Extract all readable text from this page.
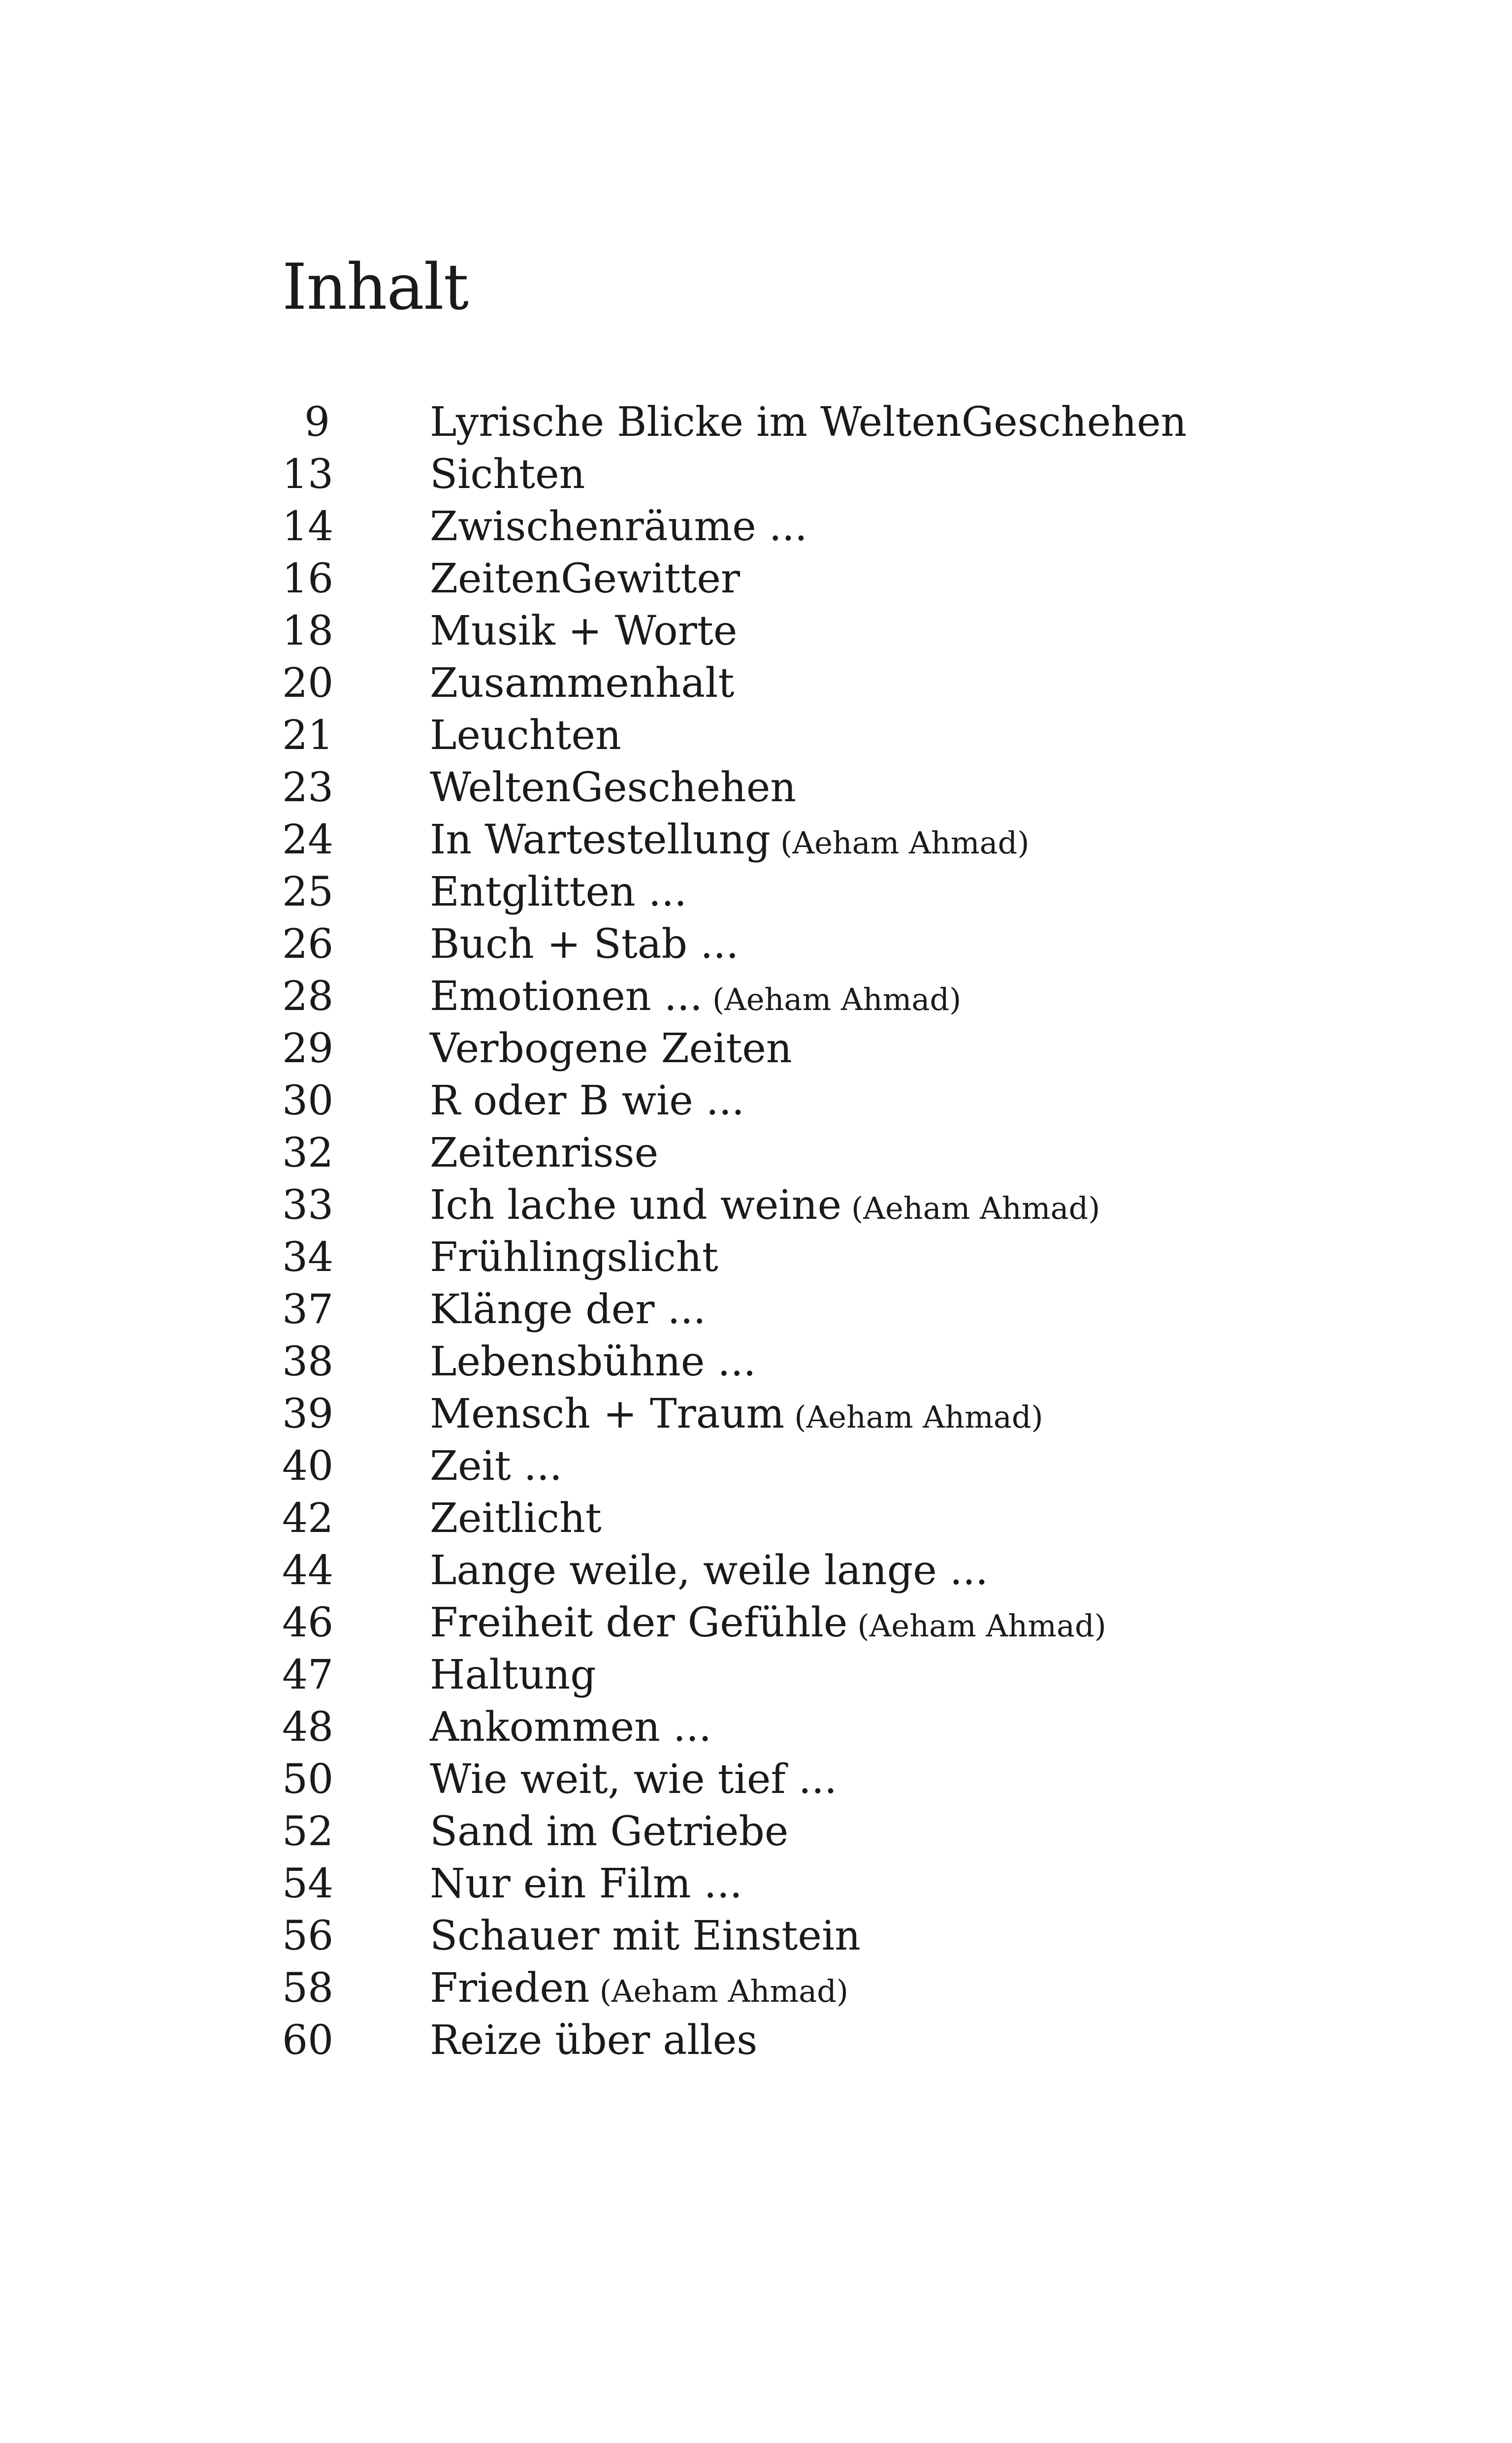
Inhalt
9	Lyrische Blicke im WeltenGeschehen
13	Sichten
14	Zwischenräume ...
16	ZeitenGewitter
18	Musik + Worte
20	Zusammenhalt
21	Leuchten
23	WeltenGeschehen
24	In Wartestellung (Aeham Ahmad)
25	Entglitten ...
26	Buch + Stab ...
28	Emotionen ... (Aeham Ahmad)
29	Verbogene Zeiten
30	R oder B wie ...
32	Zeitenrisse
33	Ich lache und weine (Aeham Ahmad)
34	Frühlingslicht
37	Klänge der ...
38	Lebensbühne ...
39	Mensch + Traum (Aeham Ahmad)
40	Zeit ...
42	Zeitlicht
44	Lange weile, weile lange ...
46	Freiheit der Gefühle (Aeham Ahmad)
47	Haltung
48	Ankommen ...
50	Wie weit, wie tief ...
52	Sand im Getriebe
54	Nur ein Film ...
56	Schauer mit Einstein
58	Frieden (Aeham Ahmad)
60	Reize über alles
